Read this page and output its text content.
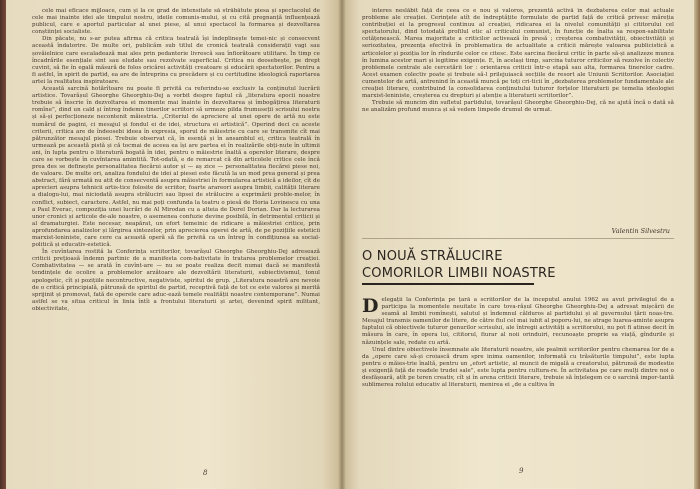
cele mai eficace mijloace, cum și la ce grad de intensitate să străbătute piesa și spectacolul de cele mai inainte idei ale timpului nostru, ideile comunis-mului, și cu cită pregnanță influențează publicul, care e aportul particular al unei piese, al unui spectacol la formarea și dezvoltarea conștiinței socialiste.

Din păcate, nu s-ar putea afirma că critica teatrală își îndeplinește temei-nic și consecvent această îndatorire. De multe ori, publicăm sub titlul de cronică teatrală considerații vagi sau șovăielnice care escaladează mai ales prin pedanterie livrescă sau înfiorătoare utilitare. În timp ce încadrările esențiale sint sau eludate sau rezolvate superficial. Critica nu deosebește, pe drept cuvint, să fie în egală măsură de folos oricărei activități creatoare și educării spectatorilor. Pentru a fi astfel, în spirit de partid, ea are de întreprins cu precădere și cu certitudine ideologică raportarea artei la realitatea inspiratoare.

Această sarcină hotărîtoare nu poate fi privită ca referindu-se exclusiv la conținutul lucrării artistice. Tovarășul Gheorghe Gheorghiu-Dej a vorbit despre faptul că „literatura epocii noastre trebuie să înscrie în dezvoltarea ei momente mai înainte în dezvoltarea și îmbogățirea literaturii romîne”, dind un cald și întreg îndemn tinerilor scriitori să urmeze pilda frumuseții scrisului nostru și să-și perfecționeze necontenit măiestria. „Criteriul de apreciere al unei opere de artă nu este numărul de pagini, ci mesajul și fondul ei de idei, structura ei artistică”. Operind deci cu aceste criterii, critica are de îndeosebi ideea în expresia, sporul de măiestrie cu care se transmite cît mai pătrunzător mesajul piesei. Trebuie observat că, în esență și în ansamblul ei, critica teatrală în urmează pe această pistă și că tocmai de aceea ea își are partea ei în realizările obți-nute în ultimii ani, în lupta pentru o literatură bogată în idei, pentru o măiestrie înaltă a operelor literare, despre care se vorbește în cuvîntarea amintită. Tot-odată, e de remarcat că din articolele critice cele încă prea des se definește personalitatea fiecărui autor și — aș zice — personalitatea fiecărei piese noi, de valoare. De multe ori, analiza fondului de idei al piesei este făcută la un mod prea general și prea abstract, fără urmată nu atit de consecventă asupra măiestriei în formularea artistică a ideilor, cît de aprecieri asupra tehnicii artis-tice folosite de scriitor, foarte arareori asupra limbii, calității literare a dialogu-lui, mai niciodată asupra străluciri sau lipsei de strălucire a exprimării proble-melor, în conflict, subiect, caractere. Astfel, nu mai poți confunda la teatru o piesă de Horia Lovinescu cu una a Paul Everac, compoziția unei lucrări de Al Mirodan cu a alteia de Dorel Dorian. Dar la lecturarea unor cronici și articole de-ale noastre, o asemenea confuzie devine posibilă, în detrimentul criticii și al dramaturgiei. Este necesar, neapărat, un efort temeinic de ridicare a măiestriei critice, prin aprofundarea analizelor și lărgirea sintezelor, prin aprecierea operei de artă, de pe pozițiile esteticii marxist-leniniste, care cere ca această operă să fie privită ca un întreg în condițiunea sa social-politică și educativ-estetică.

În cuvîntarea rostită la Conferința scriitorilor, tovarășul Gheorghe Gheorghiu-Dej adresează criticii prețioasă îndemn partinic de a manifesta com-bativitate în tratarea problemelor creației. Combativitatea — se arată în cuvînt-are — nu se poate realiza decit numai dacă se manifestă tendințele de ocolire a problemelor arzătoare ale dezvoltării literaturii, subiectivismul, tonul apologetic, cît și pozițiile necontructive, negativiste, spiritul de grup. „Literatura noastră are nevoie de o critică principială, pătrunsă de spiritul de partid, receptivă față de tot ce este valoros și merită sprijinit și promovat, fată de operele care aduc-ează temele realității noastre contemporane”. Numai astfel se va situa criticul în linia întîi a frontului literaturii și artei, devenind spirit militant, obiectivitate,

8

interes neslăbit față de ceea ce e nou și valoros, prezentă activă în dezbaterea celor mai actuale probleme ale creației. Cerințele atît de îndreptățite formulate de partid față de critică privesc măreția contribuției ei la progresul continuu al creației, ridicarea ei la nivelul comunității și cititorului cel spectatorului, dind totodată profilul etic al criticului comunist, în funcție de înalta sa respon-sabilitate cetățenească. Marea majoritate a criticilor activează în presă ; creșterea combativității, obiectivității și seriozitatea, prezența efectivă în problematica de actualitate a criticii mărește valoarea publicistică a articolelor și poziția lor în rîndurile celor ce citesc. Este sarcina fiecărui critic în parte să-și analizeze munca în lumina acestor mari și legitime exigențe. E, în același timp, sarcina tuturor criticilor să rezolve în colectiv problemele centrale ale cercetării lor : orientarea criticii într-o etapă sau alta, formarea tinerelor cadre. Acest examen colectiv poate și trebuie să-l prilejuiască secțiile de resort ale Uniunii Scriitorilor. Asociației cumentelor de artă, antrenind în această muncă pe toți cri-ticii în „dezbaterea problemelor fundamentale ale creației literare, contribuind la consolidarea conținutului tuturor forțelor literaturii pe temelia ideologiei marxist-leniniste, creșterea cu drepturi și atenție a literaturii scriitorilor”.

Trebuie să muncim din sufletul partidului, tovarășul Gheorghe Gheorghiu-Dej, că ne ajută încă o dată să ne analizăm profund munca și să vedem limpede drumul de urmat.

Valentin Silvestru
O NOUĂ STRĂLUCIRE COMORILOR LIMBII NOASTRE

Delegații la Conferința pe țară a scriitorilor de la începutul anului 1962 au avut privilegiul de a participa la momentele neuitate în care tova-rășul Gheorghe Gheorghiu-Dej a adresat mișcării de seamă al limbii romînești, salutul și îndemnul călduros al partidului și al guvernului țării noas-tre. Mesajul transmis oamenilor de litere, de către fiul cel mai iubit al poporu-lui, ne atrage luarea-aminte asupra faptului că obiectivele tuturor genurilor scrisului, ale întregii activități a scriitorului, nu pot fi atinse decit în măsura în care, în opera lui, cititorul, fiurar al noii orinduiri, recunoaște proprie sa viață, gîndurile și năzuințele sale, redate cu artă.

Unul dintre obiectivele însemnate ale literaturii noastre, ale psalmii scriitorilor pentru chemarea lor de a da „opere care să-și croiască drum spre inima oamenilor, informată cu trăsăturile timpului”, este lupta pentru o măies-trie înaltă, pentru un „efort artistic, al muncii de migală a creatorului, pătrunsă de modestie și exigență față de roadele trudei sale”, este lupta pentru cultura-re. În activitatea pe care mulți dintre noi o desfășoară, atît pe teren creativ, cît și în arena criticii literare, trebuie să înțelegem ce o sarcină impor-tantă sublimerea rolului educativ al literaturii, menirea ei „de a cultiva în

9
